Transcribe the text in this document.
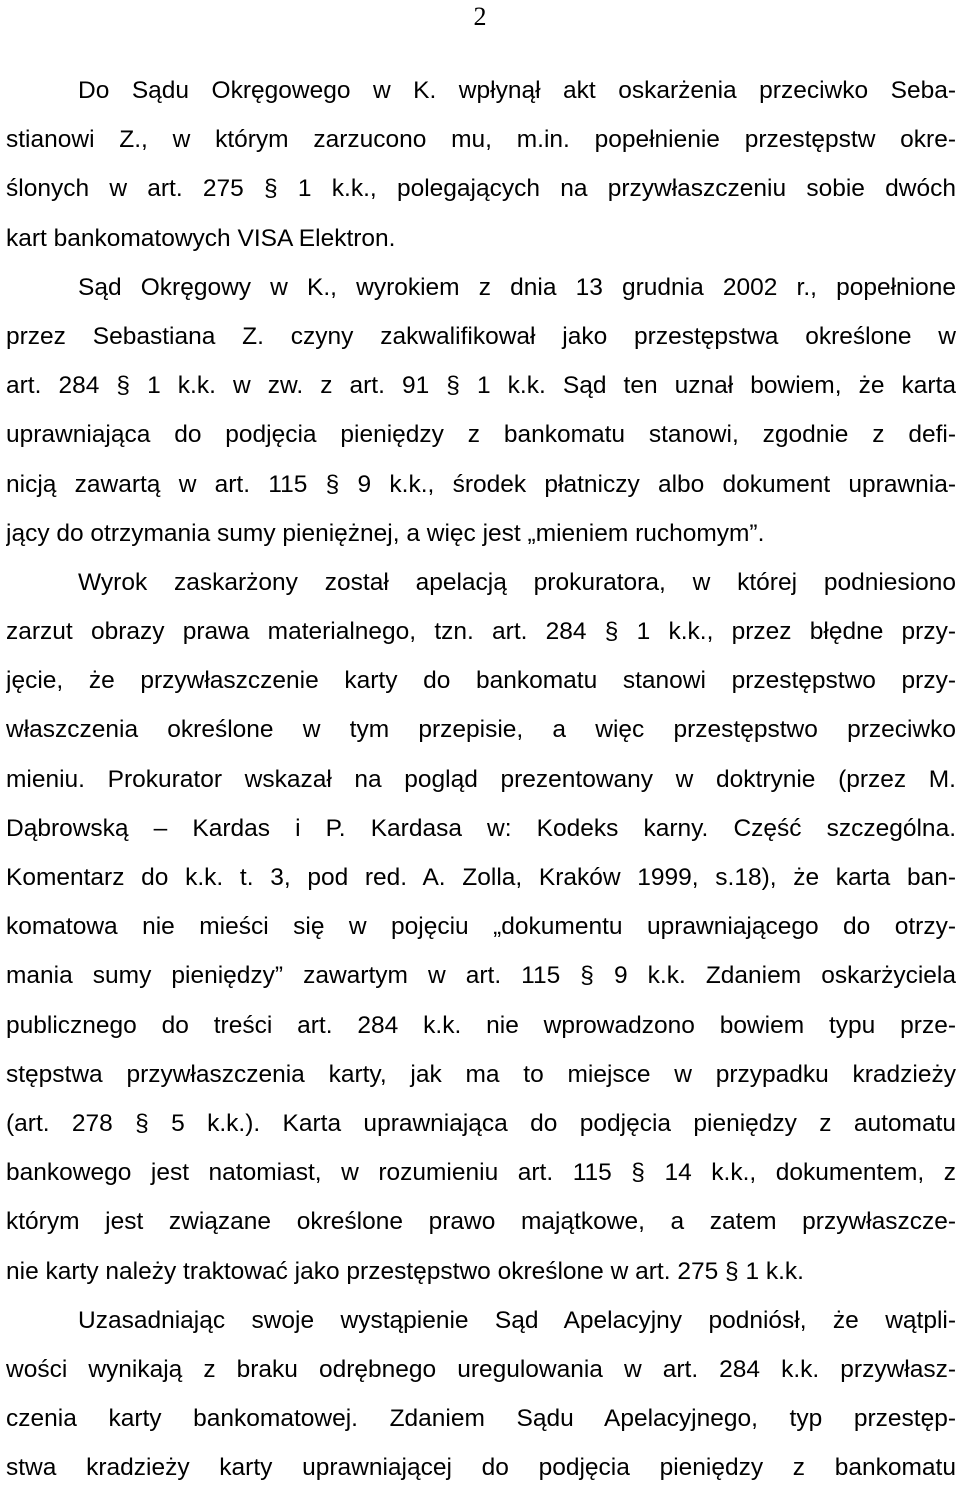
2
Do Sądu Okręgowego w K. wpłynął akt oskarżenia przeciwko Seba-
stianowi Z., w którym zarzucono mu, m.in. popełnienie przestępstw okre-
ślonych w art. 275 § 1 k.k., polegających na przywłaszczeniu sobie dwóch
kart bankomatowych VISA Elektron.
Sąd Okręgowy w K., wyrokiem z dnia 13 grudnia 2002 r., popełnione
przez Sebastiana Z. czyny zakwalifikował jako przestępstwa określone w
art. 284 § 1 k.k. w zw. z art. 91 § 1 k.k. Sąd ten uznał bowiem, że karta
uprawniająca do podjęcia pieniędzy z bankomatu stanowi, zgodnie z defi-
nicją zawartą w art. 115 § 9 k.k., środek płatniczy albo dokument uprawnia-
jący do otrzymania sumy pieniężnej, a więc jest „mieniem ruchomym”.
Wyrok zaskarżony został apelacją prokuratora, w której podniesiono
zarzut obrazy prawa materialnego, tzn. art. 284 § 1 k.k., przez błędne przy-
jęcie, że przywłaszczenie karty do bankomatu stanowi przestępstwo przy-
właszczenia określone w tym przepisie, a więc przestępstwo przeciwko
mieniu. Prokurator wskazał na pogląd prezentowany w doktrynie (przez M.
Dąbrowską – Kardas i P. Kardasa w: Kodeks karny. Część szczególna.
Komentarz do k.k. t. 3, pod red. A. Zolla, Kraków 1999, s.18), że karta ban-
komatowa nie mieści się w pojęciu „dokumentu uprawniającego do otrzy-
mania sumy pieniędzy” zawartym w art. 115 § 9 k.k. Zdaniem oskarżyciela
publicznego do treści art. 284 k.k. nie wprowadzono bowiem typu prze-
stępstwa przywłaszczenia karty, jak ma to miejsce w przypadku kradzieży
(art. 278 § 5 k.k.). Karta uprawniająca do podjęcia pieniędzy z automatu
bankowego jest natomiast, w rozumieniu art. 115 § 14 k.k., dokumentem, z
którym jest związane określone prawo majątkowe, a zatem przywłaszcze-
nie karty należy traktować jako przestępstwo określone w art. 275 § 1 k.k.
Uzasadniając swoje wystąpienie Sąd Apelacyjny podniósł, że wątpli-
wości wynikają z braku odrębnego uregulowania w art. 284 k.k. przywłasz-
czenia karty bankomatowej. Zdaniem Sądu Apelacyjnego, typ przestęp-
stwa kradzieży karty uprawniającej do podjęcia pieniędzy z bankomatu
